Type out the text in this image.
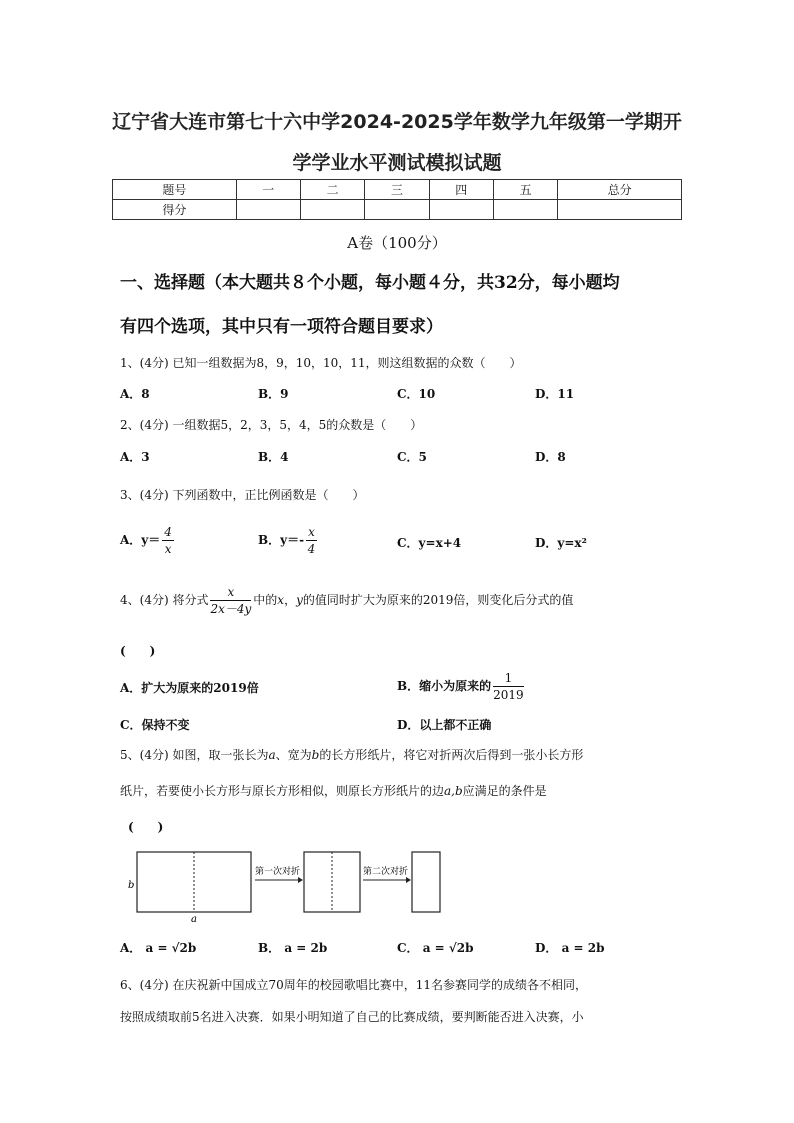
辽宁省大连市第七十六中学2024-2025学年数学九年级第一学期开
学学业水平测试模拟试题
题号	一	二	三	四	五	总分
得分						
A卷（100分）
一、选择题（本大题共８个小题，每小题４分，共32分，每小题均
有四个选项，其中只有一项符合题目要求）
1、(4分) 已知一组数据为8，9，10，10，11，则这组数据的众数（　　）
A．8	B．9	C．10	D．11
2、(4分) 一组数据5，2，3，5，4，5的众数是（　　）
A．3	B．4	C．5	D．8
3、(4分) 下列函数中，正比例函数是（　　）
A．$y= \frac{4}{x}$	B．$y=- \frac{x}{4}$	C．y=x+4	D．y=x²
4、(4分) 将分式 $\frac{x}{2x-4y}$ 中的x，y的值同时扩大为原来的2019倍，则变化后分式的值
(　　)
A．扩大为原来的2019倍	B．缩小为原来的 $\frac{1}{2019}$
C．保持不变	D．以上都不正确
5、(4分) 如图，取一张长为a、宽为b的长方形纸片，将它对折两次后得到一张小长方形
纸片，若要使小长方形与原长方形相似，则原长方形纸片的边a,b应满足的条件是
(　　)
b
a
第一次对折	第二次对折
A． a = √2b	B． a = 2b	C． a = √2b	D． a = 2b
6、(4分) 在庆祝新中国成立70周年的校园歌唱比赛中，11名参赛同学的成绩各不相同，
按照成绩取前5名进入决赛．如果小明知道了自己的比赛成绩，要判断能否进入决赛，小
